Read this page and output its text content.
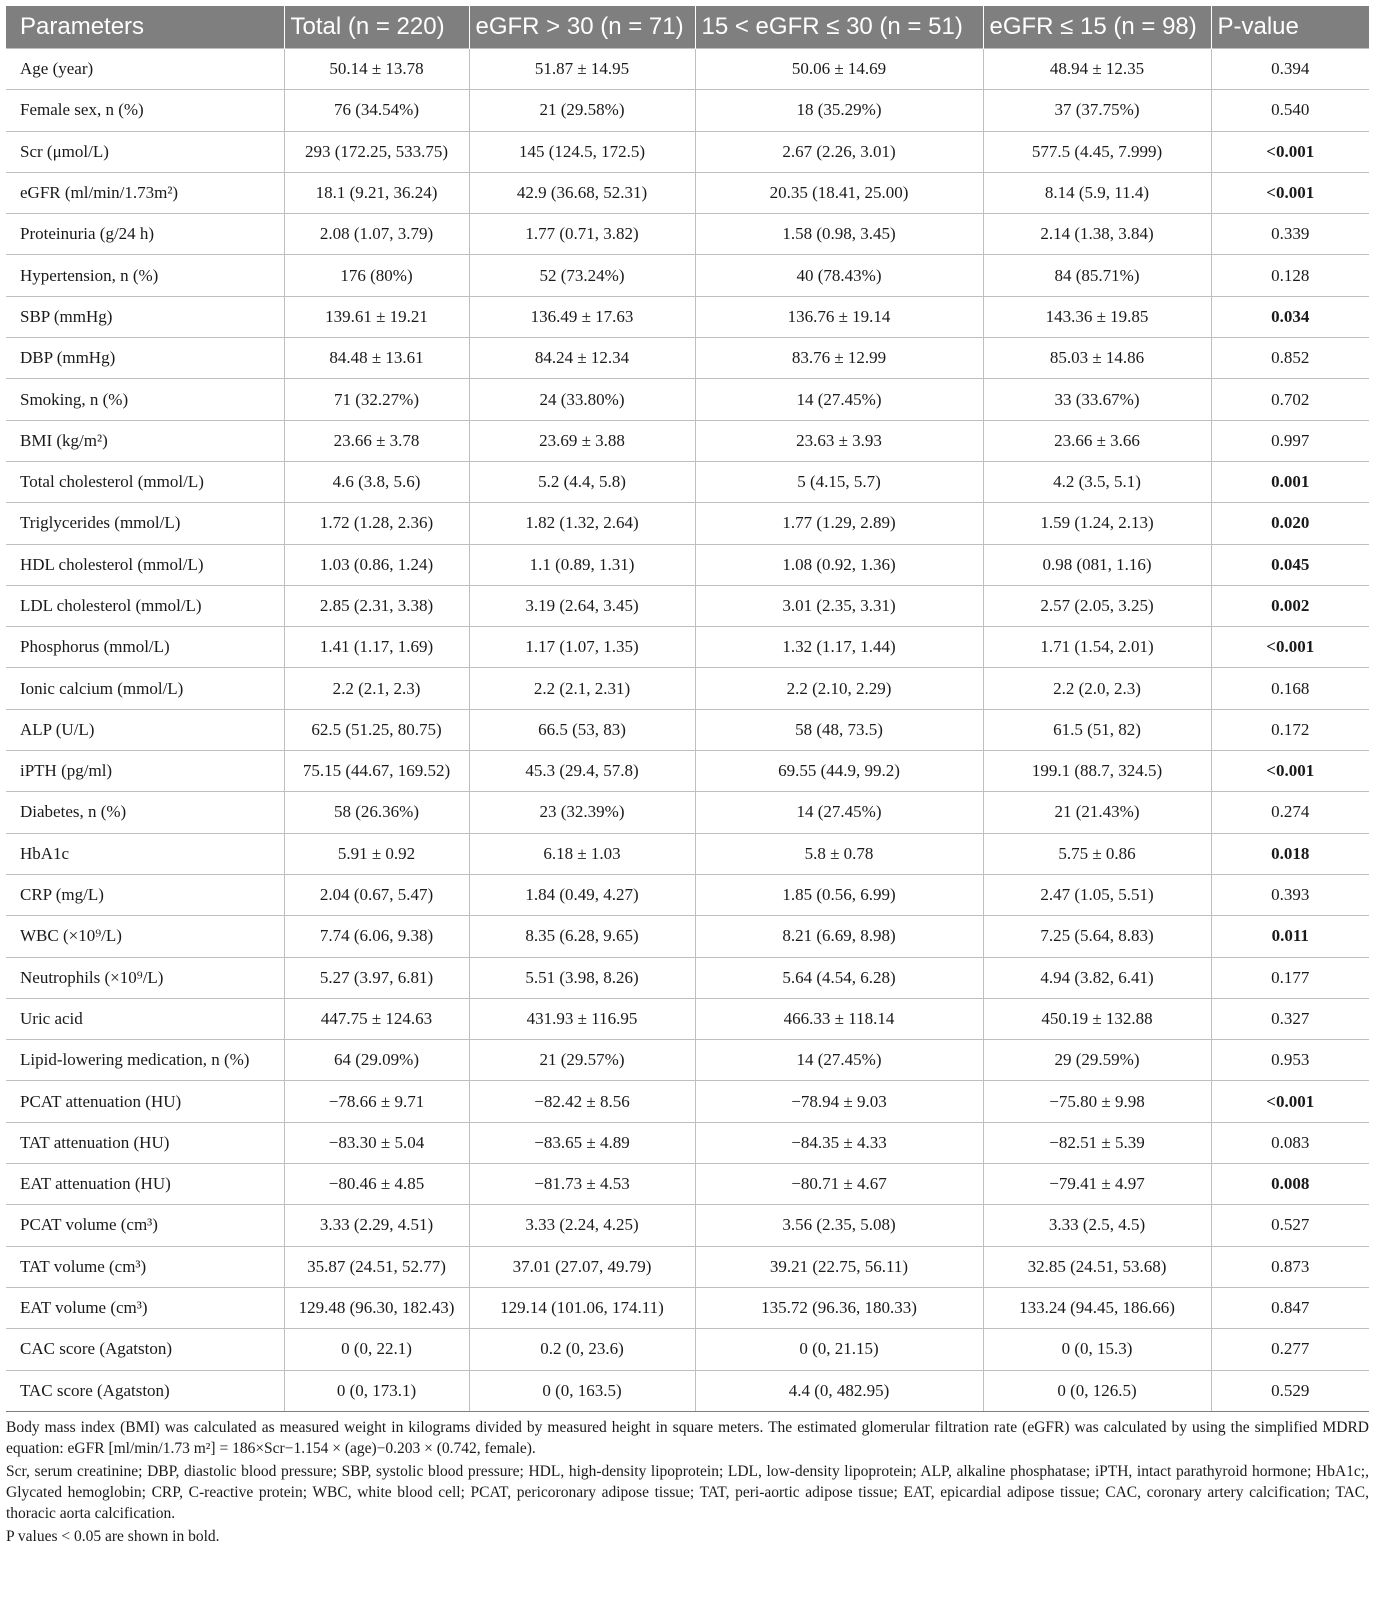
Parameters	Total (n = 220)	eGFR > 30 (n = 71)	15 < eGFR ≤ 30 (n = 51)	eGFR ≤ 15 (n = 98)	P-value
Age (year)	50.14 ± 13.78	51.87 ± 14.95	50.06 ± 14.69	48.94 ± 12.35	0.394
Female sex, n (%)	76 (34.54%)	21 (29.58%)	18 (35.29%)	37 (37.75%)	0.540
Scr (μmol/L)	293 (172.25, 533.75)	145 (124.5, 172.5)	2.67 (2.26, 3.01)	577.5 (4.45, 7.999)	<0.001
eGFR (ml/min/1.73m²)	18.1 (9.21, 36.24)	42.9 (36.68, 52.31)	20.35 (18.41, 25.00)	8.14 (5.9, 11.4)	<0.001
Proteinuria (g/24 h)	2.08 (1.07, 3.79)	1.77 (0.71, 3.82)	1.58 (0.98, 3.45)	2.14 (1.38, 3.84)	0.339
Hypertension, n (%)	176 (80%)	52 (73.24%)	40 (78.43%)	84 (85.71%)	0.128
SBP (mmHg)	139.61 ± 19.21	136.49 ± 17.63	136.76 ± 19.14	143.36 ± 19.85	0.034
DBP (mmHg)	84.48 ± 13.61	84.24 ± 12.34	83.76 ± 12.99	85.03 ± 14.86	0.852
Smoking, n (%)	71 (32.27%)	24 (33.80%)	14 (27.45%)	33 (33.67%)	0.702
BMI (kg/m²)	23.66 ± 3.78	23.69 ± 3.88	23.63 ± 3.93	23.66 ± 3.66	0.997
Total cholesterol (mmol/L)	4.6 (3.8, 5.6)	5.2 (4.4, 5.8)	5 (4.15, 5.7)	4.2 (3.5, 5.1)	0.001
Triglycerides (mmol/L)	1.72 (1.28, 2.36)	1.82 (1.32, 2.64)	1.77 (1.29, 2.89)	1.59 (1.24, 2.13)	0.020
HDL cholesterol (mmol/L)	1.03 (0.86, 1.24)	1.1 (0.89, 1.31)	1.08 (0.92, 1.36)	0.98 (081, 1.16)	0.045
LDL cholesterol (mmol/L)	2.85 (2.31, 3.38)	3.19 (2.64, 3.45)	3.01 (2.35, 3.31)	2.57 (2.05, 3.25)	0.002
Phosphorus (mmol/L)	1.41 (1.17, 1.69)	1.17 (1.07, 1.35)	1.32 (1.17, 1.44)	1.71 (1.54, 2.01)	<0.001
Ionic calcium (mmol/L)	2.2 (2.1, 2.3)	2.2 (2.1, 2.31)	2.2 (2.10, 2.29)	2.2 (2.0, 2.3)	0.168
ALP (U/L)	62.5 (51.25, 80.75)	66.5 (53, 83)	58 (48, 73.5)	61.5 (51, 82)	0.172
iPTH (pg/ml)	75.15 (44.67, 169.52)	45.3 (29.4, 57.8)	69.55 (44.9, 99.2)	199.1 (88.7, 324.5)	<0.001
Diabetes, n (%)	58 (26.36%)	23 (32.39%)	14 (27.45%)	21 (21.43%)	0.274
HbA1c	5.91 ± 0.92	6.18 ± 1.03	5.8 ± 0.78	5.75 ± 0.86	0.018
CRP (mg/L)	2.04 (0.67, 5.47)	1.84 (0.49, 4.27)	1.85 (0.56, 6.99)	2.47 (1.05, 5.51)	0.393
WBC (×10⁹/L)	7.74 (6.06, 9.38)	8.35 (6.28, 9.65)	8.21 (6.69, 8.98)	7.25 (5.64, 8.83)	0.011
Neutrophils (×10⁹/L)	5.27 (3.97, 6.81)	5.51 (3.98, 8.26)	5.64 (4.54, 6.28)	4.94 (3.82, 6.41)	0.177
Uric acid	447.75 ± 124.63	431.93 ± 116.95	466.33 ± 118.14	450.19 ± 132.88	0.327
Lipid-lowering medication, n (%)	64 (29.09%)	21 (29.57%)	14 (27.45%)	29 (29.59%)	0.953
PCAT attenuation (HU)	−78.66 ± 9.71	−82.42 ± 8.56	−78.94 ± 9.03	−75.80 ± 9.98	<0.001
TAT attenuation (HU)	−83.30 ± 5.04	−83.65 ± 4.89	−84.35 ± 4.33	−82.51 ± 5.39	0.083
EAT attenuation (HU)	−80.46 ± 4.85	−81.73 ± 4.53	−80.71 ± 4.67	−79.41 ± 4.97	0.008
PCAT volume (cm³)	3.33 (2.29, 4.51)	3.33 (2.24, 4.25)	3.56 (2.35, 5.08)	3.33 (2.5, 4.5)	0.527
TAT volume (cm³)	35.87 (24.51, 52.77)	37.01 (27.07, 49.79)	39.21 (22.75, 56.11)	32.85 (24.51, 53.68)	0.873
EAT volume (cm³)	129.48 (96.30, 182.43)	129.14 (101.06, 174.11)	135.72 (96.36, 180.33)	133.24 (94.45, 186.66)	0.847
CAC score (Agatston)	0 (0, 22.1)	0.2 (0, 23.6)	0 (0, 21.15)	0 (0, 15.3)	0.277
TAC score (Agatston)	0 (0, 173.1)	0 (0, 163.5)	4.4 (0, 482.95)	0 (0, 126.5)	0.529

Body mass index (BMI) was calculated as measured weight in kilograms divided by measured height in square meters. The estimated glomerular filtration rate (eGFR) was calculated by using the simplified MDRD equation: eGFR [ml/min/1.73 m²] = 186×Scr−1.154 × (age)−0.203 × (0.742, female).

Scr, serum creatinine; DBP, diastolic blood pressure; SBP, systolic blood pressure; HDL, high-density lipoprotein; LDL, low-density lipoprotein; ALP, alkaline phosphatase; iPTH, intact parathyroid hormone; HbA1c;, Glycated hemoglobin; CRP, C-reactive protein; WBC, white blood cell; PCAT, pericoronary adipose tissue; TAT, peri-aortic adipose tissue; EAT, epicardial adipose tissue; CAC, coronary artery calcification; TAC, thoracic aorta calcification.

P values < 0.05 are shown in bold.
